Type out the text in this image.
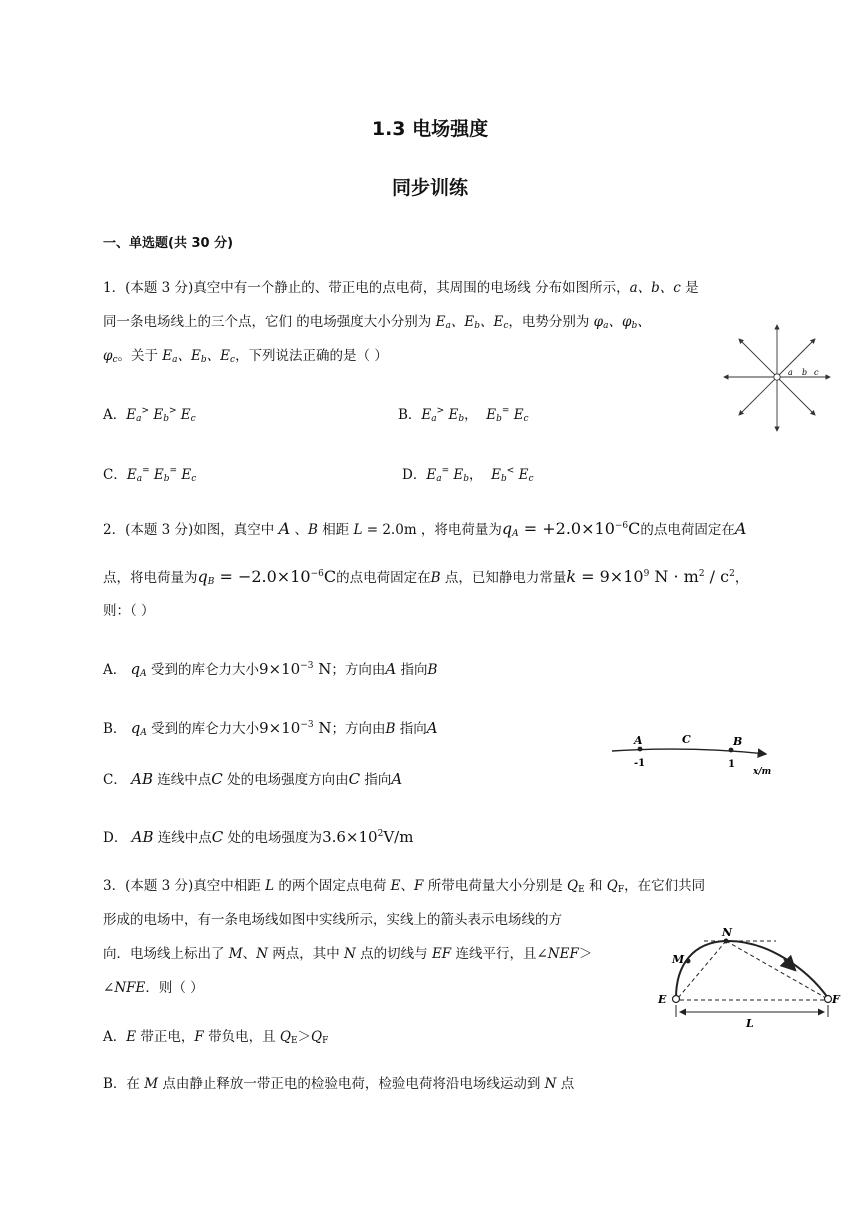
1.3 电场强度
同步训练
一、单选题(共 30 分)
1．(本题 3 分)真空中有一个静止的、带正电的点电荷，其周围的电场线 分布如图所示，a、b、c 是
同一条电场线上的三个点，它们 的电场强度大小分别为 $E_a$、$E_b$、$E_c$，电势分别为 $\varphi_a$、$\varphi_b$、
$\varphi_c$。关于 $E_a$、$E_b$、$E_c$，下列说法正确的是（ ）
a b c
A．$E_a^>$ $E_b^>$ $E_c$	B．$E_a^>$ $E_b$，  $E_b^=$ $E_c$
C．$E_a^=$ $E_b^=$ $E_c$	D．$E_a^=$ $E_b$，  $E_b^<$ $E_c$
2．(本题 3 分)如图，真空中 A 、B 相距 L = 2.0m ，将电荷量为$q_A = +2.0\times 10^{-6}C$的点电荷固定在A
点，将电荷量为$q_B = -2.0\times 10^{-6}C$的点电荷固定在B 点，已知静电力常量$k = 9\times 10^9$ $N \cdot m^2 / c^2$，
则：（ ）
A． $q_A$ 受到的库仑力大小$9\times 10^{-3}$ N；方向由A 指向B
B． $q_A$ 受到的库仑力大小$9\times 10^{-3}$ N；方向由B 指向A
C． AB 连线中点C 处的电场强度方向由C 指向A
D． AB 连线中点C 处的电场强度为$3.6\times 10^2V/m$
A	C	B
-1	1
x/m
3．(本题 3 分)真空中相距 L 的两个固定点电荷 E、F 所带电荷量大小分别是 $Q_E$ 和 $Q_F$，在它们共同
形成的电场中，有一条电场线如图中实线所示，实线上的箭头表示电场线的方
向．电场线上标出了 M、N 两点，其中 N 点的切线与 EF 连线平行，且∠NEF＞
∠NFE．则（ ）
N
M
E	F
L
A．E 带正电，F 带负电，且 $Q_E>Q_F$
B．在 M 点由静止释放一带正电的检验电荷，检验电荷将沿电场线运动到 N 点
